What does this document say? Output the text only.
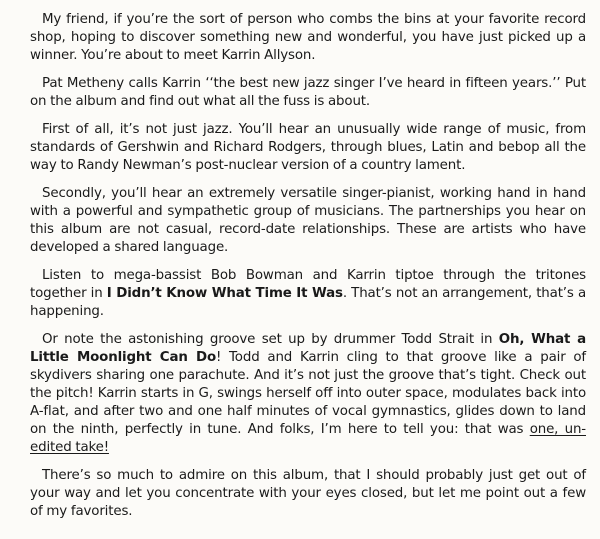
My friend, if you’re the sort of person who combs the bins at your favorite record shop, hoping to discover something new and wonderful, you have just picked up a winner. You’re about to meet Karrin Allyson.

Pat Metheny calls Karrin ‘‘the best new jazz singer I’ve heard in fifteen years.’’ Put on the album and find out what all the fuss is about.

First of all, it’s not just jazz. You’ll hear an unusually wide range of music, from standards of Gershwin and Richard Rodgers, through blues, Latin and bebop all the way to Randy Newman’s post-nuclear version of a country lament.

Secondly, you’ll hear an extremely versatile singer-pianist, working hand in hand with a powerful and sympathetic group of musicians. The partnerships you hear on this album are not casual, record-date relationships. These are artists who have developed a shared language.

Listen to mega-bassist Bob Bowman and Karrin tiptoe through the tritones together in I Didn’t Know What Time It Was. That’s not an arrangement, that’s a happening.

Or note the astonishing groove set up by drummer Todd Strait in Oh, What a Little Moonlight Can Do! Todd and Karrin cling to that groove like a pair of skydivers sharing one parachute. And it’s not just the groove that’s tight. Check out the pitch! Karrin starts in G, swings herself off into outer space, modulates back into A-flat, and after two and one half minutes of vocal gymnastics, glides down to land on the ninth, perfectly in tune. And folks, I’m here to tell you: that was one, un-edited take!

There’s so much to admire on this album, that I should probably just get out of your way and let you concentrate with your eyes closed, but let me point out a few of my favorites.
